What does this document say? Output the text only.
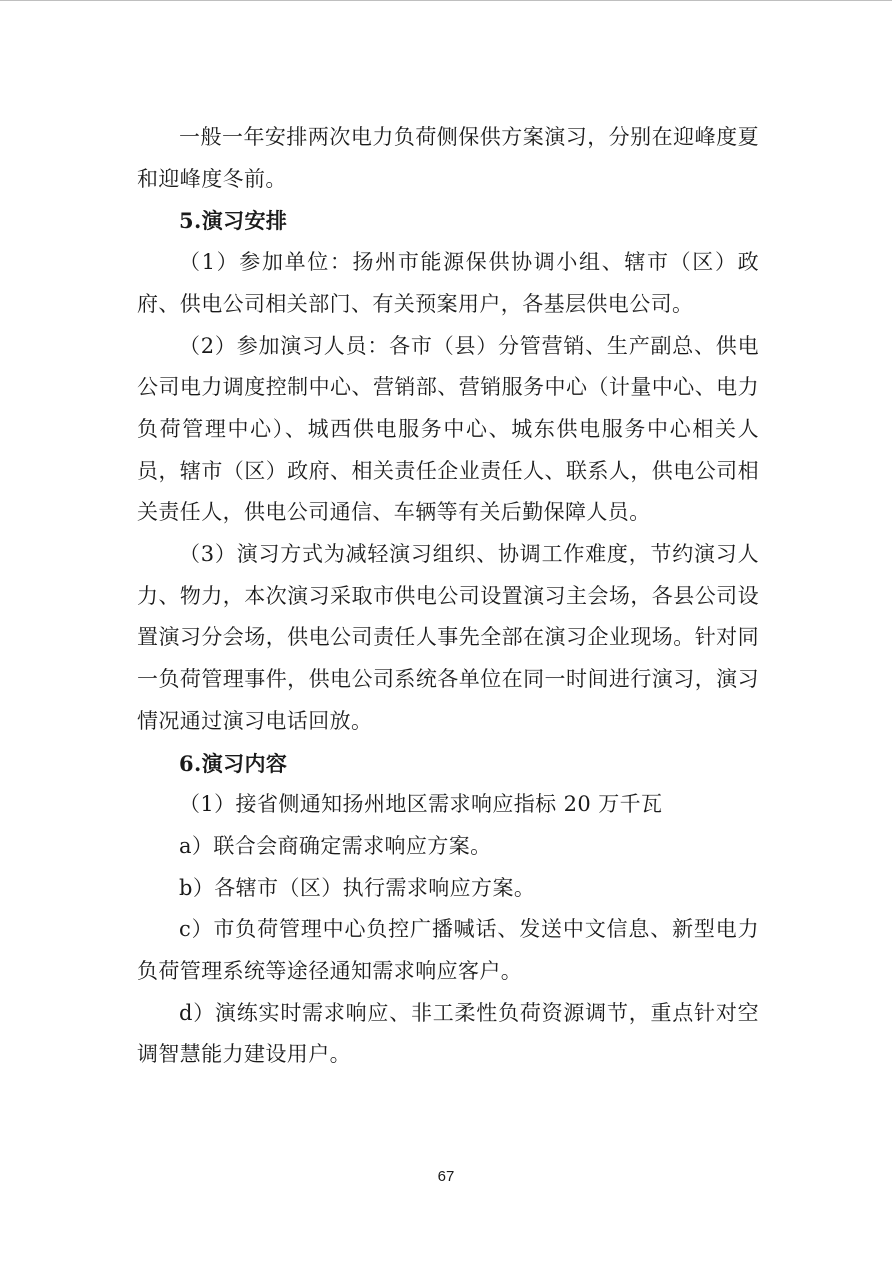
一般一年安排两次电力负荷侧保供方案演习，分别在迎峰度夏和迎峰度冬前。

5.演习安排

（1）参加单位：扬州市能源保供协调小组、辖市（区）政府、供电公司相关部门、有关预案用户，各基层供电公司。

（2）参加演习人员：各市（县）分管营销、生产副总、供电公司电力调度控制中心、营销部、营销服务中心（计量中心、电力负荷管理中心）、城西供电服务中心、城东供电服务中心相关人员，辖市（区）政府、相关责任企业责任人、联系人，供电公司相关责任人，供电公司通信、车辆等有关后勤保障人员。

（3）演习方式为减轻演习组织、协调工作难度，节约演习人力、物力，本次演习采取市供电公司设置演习主会场，各县公司设置演习分会场，供电公司责任人事先全部在演习企业现场。针对同一负荷管理事件，供电公司系统各单位在同一时间进行演习，演习情况通过演习电话回放。

6.演习内容

（1）接省侧通知扬州地区需求响应指标 20 万千瓦

a）联合会商确定需求响应方案。

b）各辖市（区）执行需求响应方案。

c）市负荷管理中心负控广播喊话、发送中文信息、新型电力负荷管理系统等途径通知需求响应客户。

d）演练实时需求响应、非工柔性负荷资源调节，重点针对空调智慧能力建设用户。

67
